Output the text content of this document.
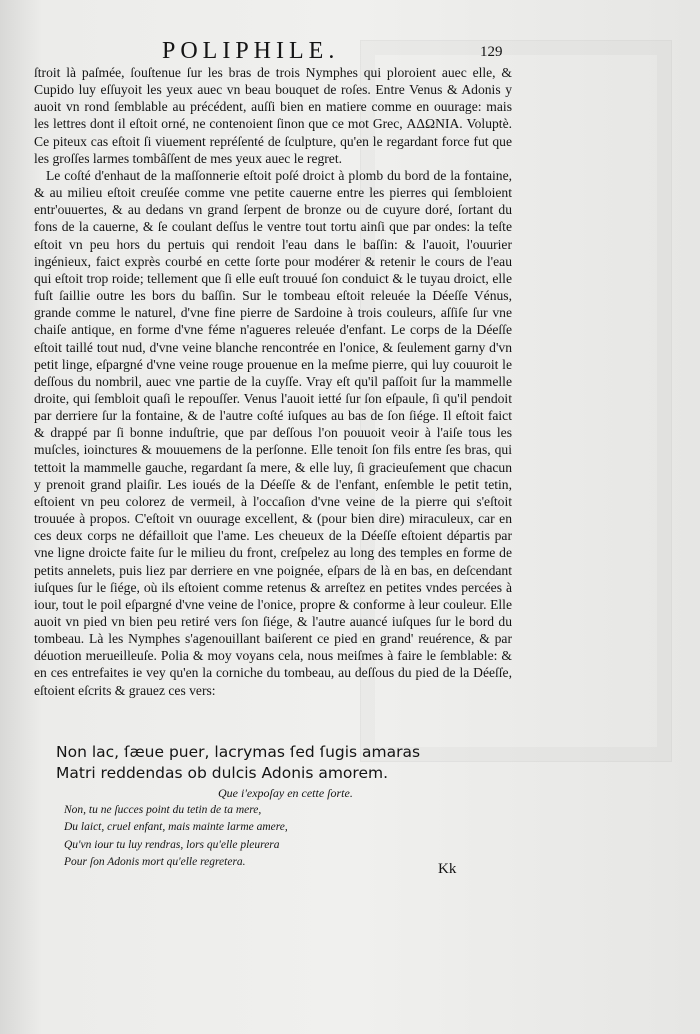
POLIPHILE.	129

ſtroit là paſmée, ſouſtenue ſur les bras de trois Nymphes qui ploroient auec elle, & Cupido luy eſſuyoit les yeux auec vn beau bouquet de roſes. Entre Venus & Adonis y auoit vn rond ſemblable au précédent, auſſi bien en matiere comme en ouurage: mais les lettres dont il eſtoit orné, ne contenoient ſinon que ce mot Grec, ΑΔΩΝΙΑ. Voluptè. Ce piteux cas eſtoit ſi viuement repréſenté de ſculpture, qu'en le regardant force fut que les groſſes larmes tombâſſent de mes yeux auec le regret.

Le coſté d'enhaut de la maſſonnerie eſtoit poſé droict à plomb du bord de la fontaine, & au milieu eſtoit creuſée comme vne petite cauerne entre les pierres qui ſembloient entr'ouuertes, & au dedans vn grand ſerpent de bronze ou de cuyure doré, ſortant du fons de la cauerne, & ſe coulant deſſus le ventre tout tortu ainſi que par ondes: la teſte eſtoit vn peu hors du pertuis qui rendoit l'eau dans le baſſin: & l'auoit, l'ouurier ingénieux, faict exprès courbé en cette ſorte pour modérer & retenir le cours de l'eau qui eſtoit trop roide; tellement que ſi elle euſt trouué ſon conduict & le tuyau droict, elle fuſt ſaillie outre les bors du baſſin. Sur le tombeau eſtoit releuée la Déeſſe Vénus, grande comme le naturel, d'vne fine pierre de Sardoine à trois couleurs, aſſiſe ſur vne chaiſe antique, en forme d'vne féme n'agueres releuée d'enfant. Le corps de la Déeſſe eſtoit taillé tout nud, d'vne veine blanche rencontrée en l'onice, & ſeulement garny d'vn petit linge, eſpargné d'vne veine rouge prouenue en la meſme pierre, qui luy couuroit le deſſous du nombril, auec vne partie de la cuyſſe. Vray eſt qu'il paſſoit ſur la mammelle droite, qui ſembloit quaſi le repouſſer. Venus l'auoit ietté ſur ſon eſpaule, ſi qu'il pendoit par derriere ſur la fontaine, & de l'autre coſté iuſques au bas de ſon ſiége. Il eſtoit faict & drappé par ſi bonne induſtrie, que par deſſous l'on pouuoit veoir à l'aiſe tous les muſcles, ioinctures & mouuemens de la perſonne. Elle tenoit ſon fils entre ſes bras, qui tettoit la mammelle gauche, regardant ſa mere, & elle luy, ſi gracieuſement que chacun y prenoit grand plaiſir. Les ioués de la Déeſſe & de l'enfant, enſemble le petit tetin, eſtoient vn peu colorez de vermeil, à l'occaſion d'vne veine de la pierre qui s'eſtoit trouuée à propos. C'eſtoit vn ouurage excellent, & (pour bien dire) miraculeux, car en ces deux corps ne défailloit que l'ame. Les cheueux de la Déeſſe eſtoient départis par vne ligne droicte faite ſur le milieu du front, creſpelez au long des temples en forme de petits annelets, puis liez par derriere en vne poignée, eſpars de là en bas, en deſcendant iuſques ſur le ſiége, où ils eſtoient comme retenus & arreſtez en petites vndes percées à iour, tout le poil eſpargné d'vne veine de l'onice, propre & conforme à leur couleur. Elle auoit vn pied vn bien peu retiré vers ſon ſiége, & l'autre auancé iuſques ſur le bord du tombeau. Là les Nymphes s'agenouillant baiſerent ce pied en grand' reuérence, & par déuotion merueilleuſe. Polia & moy voyans cela, nous meiſmes à faire le ſemblable: & en ces entrefaites ie vey qu'en la corniche du tombeau, au deſſous du pied de la Déeſſe, eſtoient eſcrits & grauez ces vers:

Non lac, ſæue puer, lacrymas ſed ſugis amaras
Matri reddendas ob dulcis Adonis amorem.
Que i'expoſay en cette ſorte.
Non, tu ne ſucces point du tetin de ta mere,
Du laict, cruel enfant, mais mainte larme amere,
Qu'vn iour tu luy rendras, lors qu'elle pleurera
Pour ſon Adonis mort qu'elle regretera.	Kk
